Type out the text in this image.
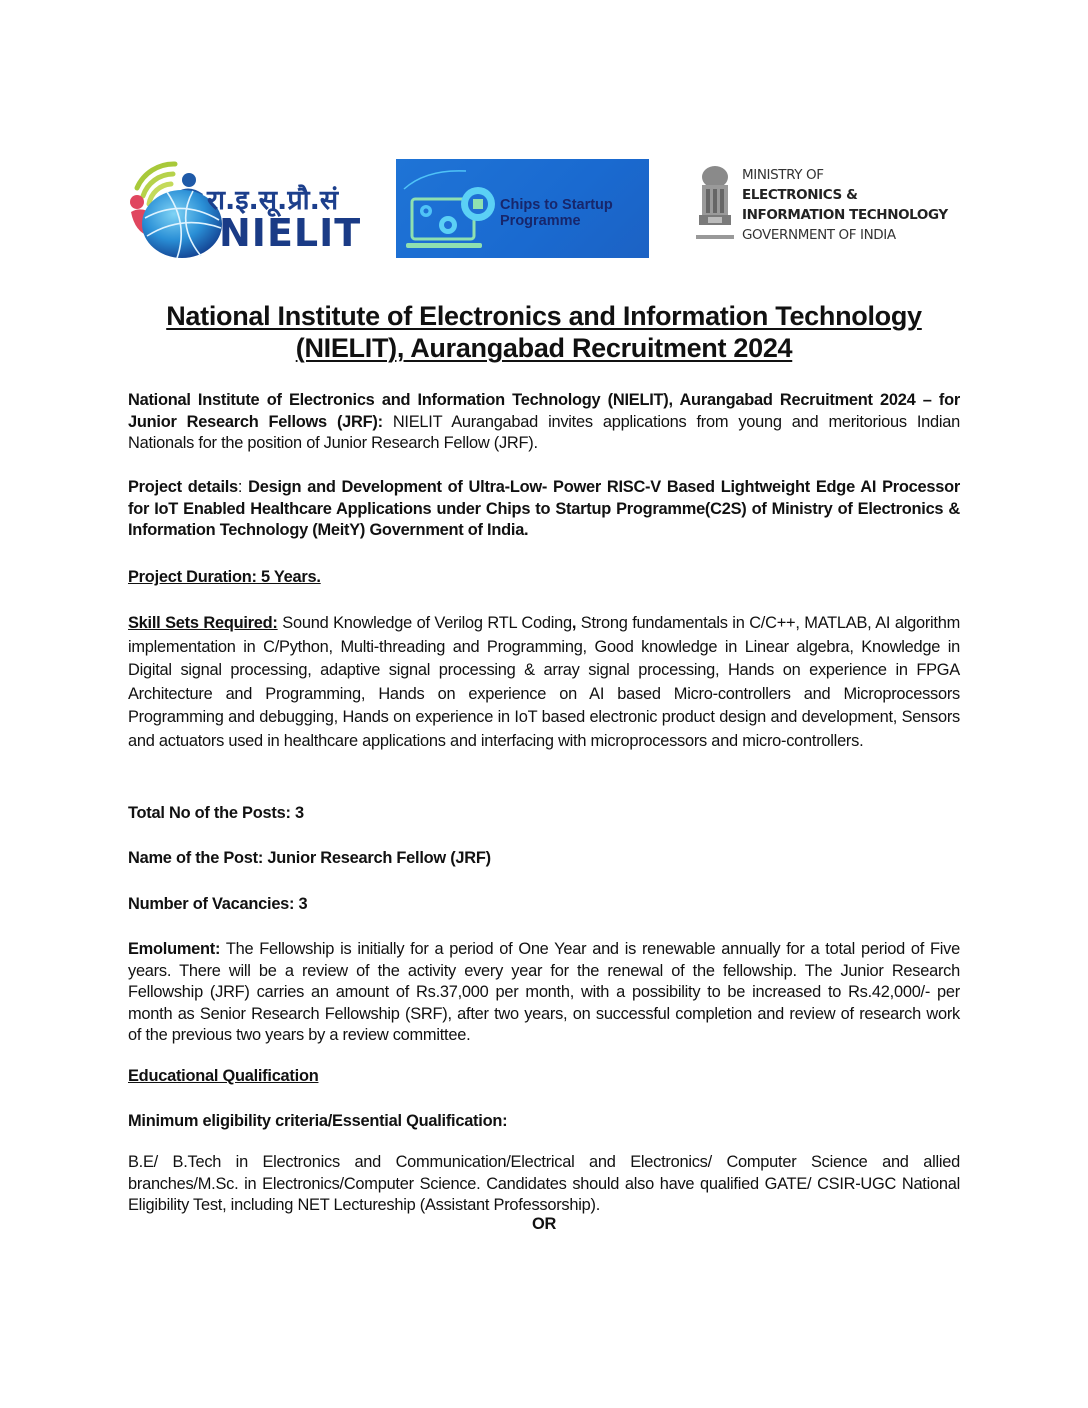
रा.इ.सू.प्रौ.सं
NIELIT
Chips to Startup
Programme
MINISTRY OF
ELECTRONICS &
INFORMATION TECHNOLOGY
GOVERNMENT OF INDIA
National Institute of Electronics and Information Technology
(NIELIT), Aurangabad Recruitment 2024
National Institute of Electronics and Information Technology (NIELIT), Aurangabad Recruitment 2024 – for Junior Research Fellows (JRF): NIELIT Aurangabad invites applications from young and meritorious Indian Nationals for the position of Junior Research Fellow (JRF).
Project details: Design and Development of Ultra-Low- Power RISC-V Based Lightweight Edge AI Processor for IoT Enabled Healthcare Applications under Chips to Startup Programme(C2S) of Ministry of Electronics & Information Technology (MeitY) Government of India.
Project Duration: 5 Years.
Skill Sets Required: Sound Knowledge of Verilog RTL Coding, Strong fundamentals in C/C++, MATLAB, AI algorithm implementation in C/Python, Multi-threading and Programming, Good knowledge in Linear algebra, Knowledge in Digital signal processing, adaptive signal processing & array signal processing, Hands on experience in FPGA Architecture and Programming, Hands on experience on AI based Micro-controllers and Microprocessors Programming and debugging, Hands on experience in IoT based electronic product design and development, Sensors and actuators used in healthcare applications and interfacing with microprocessors and micro-controllers.
Total No of the Posts: 3
Name of the Post: Junior Research Fellow (JRF)
Number of Vacancies: 3
Emolument: The Fellowship is initially for a period of One Year and is renewable annually for a total period of Five years. There will be a review of the activity every year for the renewal of the fellowship. The Junior Research Fellowship (JRF) carries an amount of Rs.37,000 per month, with a possibility to be increased to Rs.42,000/- per month as Senior Research Fellowship (SRF), after two years, on successful completion and review of research work of the previous two years by a review committee.
Educational Qualification
Minimum eligibility criteria/Essential Qualification:
B.E/ B.Tech in Electronics and Communication/Electrical and Electronics/ Computer Science and allied branches/M.Sc. in Electronics/Computer Science. Candidates should also have qualified GATE/ CSIR-UGC National Eligibility Test, including NET Lectureship (Assistant Professorship).
OR
